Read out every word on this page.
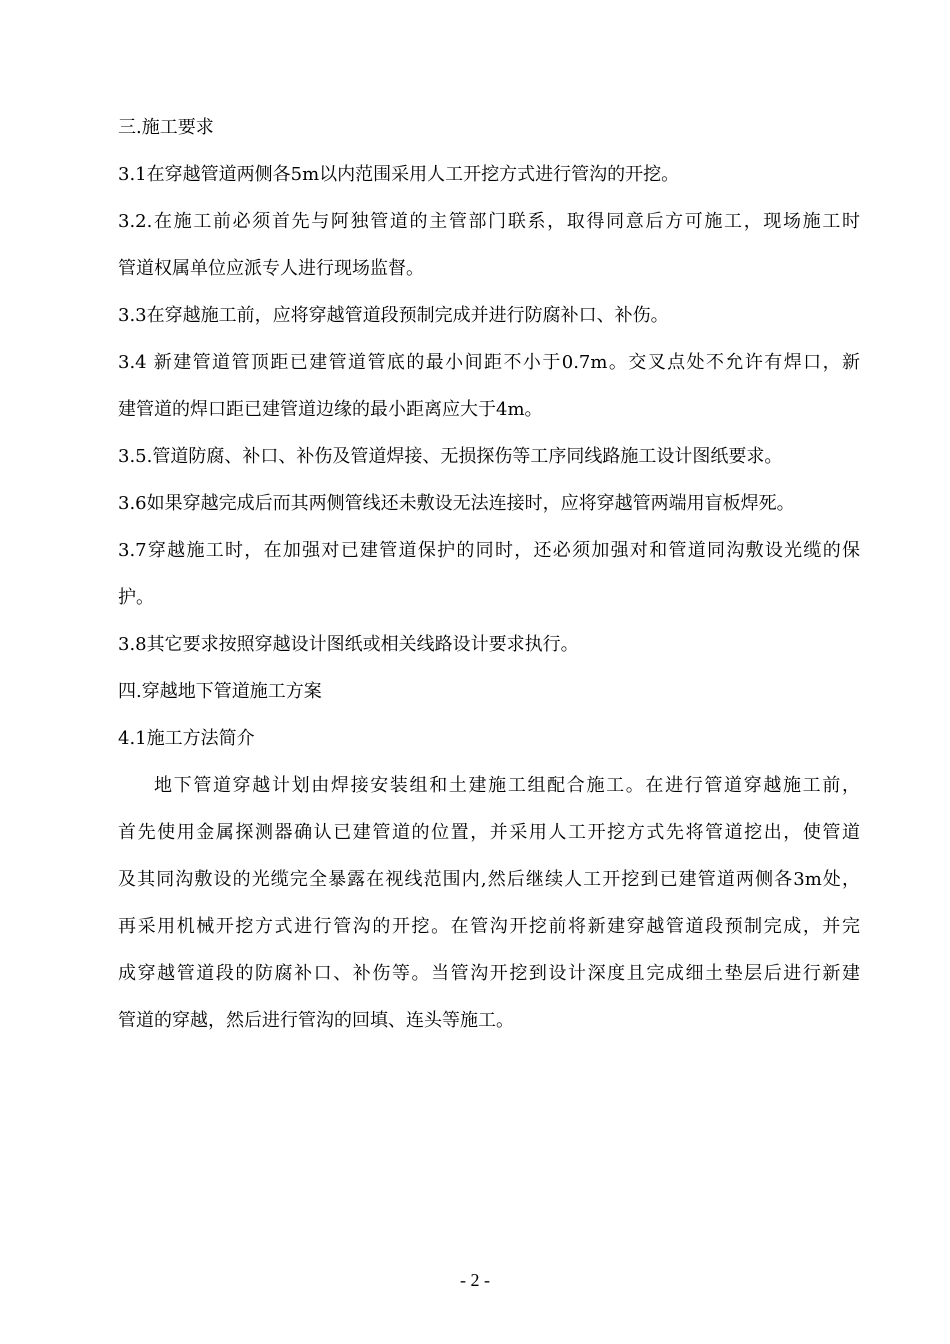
三.施工要求
3.1在穿越管道两侧各5m以内范围采用人工开挖方式进行管沟的开挖。
3.2.在施工前必须首先与阿独管道的主管部门联系，取得同意后方可施工，现场施工时
管道权属单位应派专人进行现场监督。
3.3在穿越施工前，应将穿越管道段预制完成并进行防腐补口、补伤。
3.4 新建管道管顶距已建管道管底的最小间距不小于0.7m。交叉点处不允许有焊口，新
建管道的焊口距已建管道边缘的最小距离应大于4m。
3.5.管道防腐、补口、补伤及管道焊接、无损探伤等工序同线路施工设计图纸要求。
3.6如果穿越完成后而其两侧管线还未敷设无法连接时，应将穿越管两端用盲板焊死。
3.7穿越施工时，在加强对已建管道保护的同时，还必须加强对和管道同沟敷设光缆的保
护。
3.8其它要求按照穿越设计图纸或相关线路设计要求执行。
四.穿越地下管道施工方案
4.1施工方法简介
地下管道穿越计划由焊接安装组和土建施工组配合施工。在进行管道穿越施工前，
首先使用金属探测器确认已建管道的位置，并采用人工开挖方式先将管道挖出，使管道
及其同沟敷设的光缆完全暴露在视线范围内,然后继续人工开挖到已建管道两侧各3m处，
再采用机械开挖方式进行管沟的开挖。在管沟开挖前将新建穿越管道段预制完成，并完
成穿越管道段的防腐补口、补伤等。当管沟开挖到设计深度且完成细土垫层后进行新建
管道的穿越，然后进行管沟的回填、连头等施工。
- 2 -
